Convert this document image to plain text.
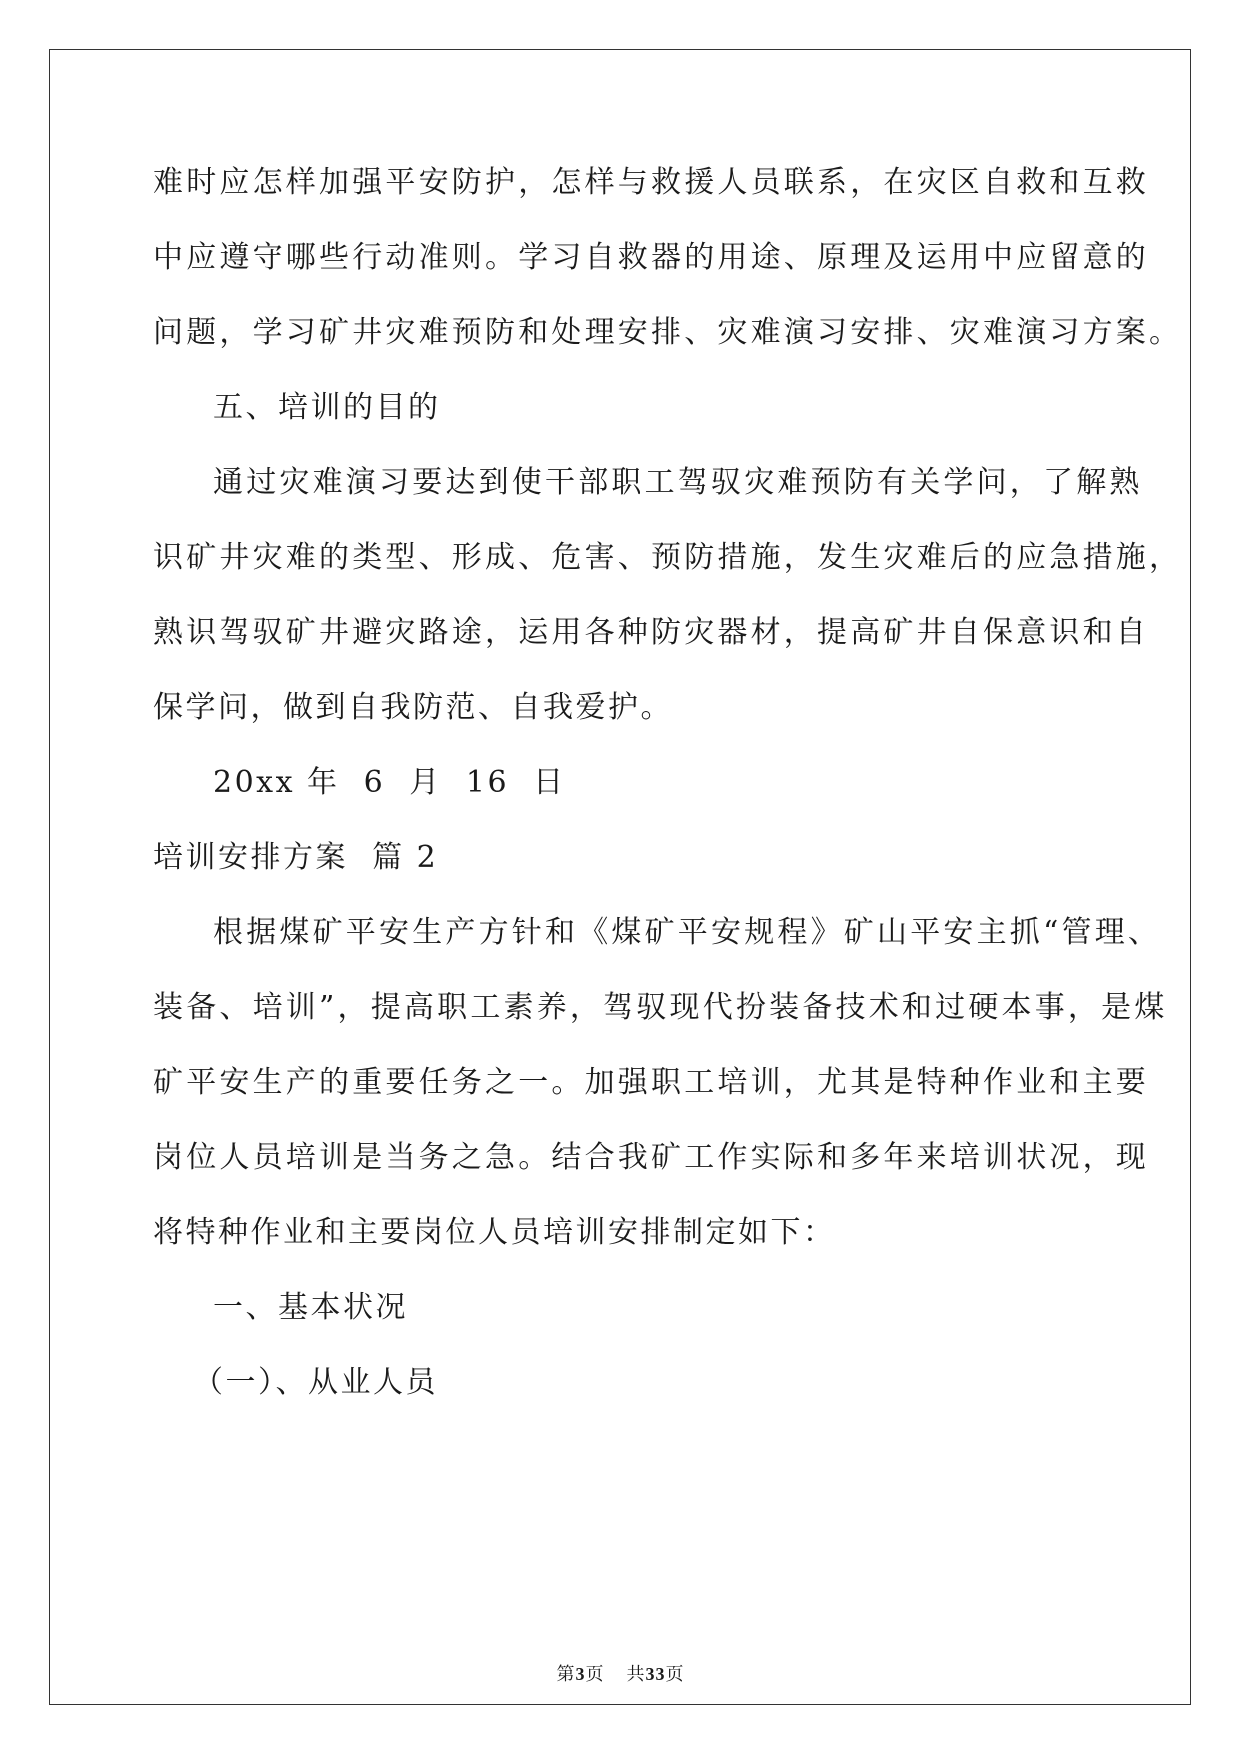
难时应怎样加强平安防护，怎样与救援人员联系，在灾区自救和互救
中应遵守哪些行动准则。学习自救器的用途、原理及运用中应留意的
问题，学习矿井灾难预防和处理安排、灾难演习安排、灾难演习方案。
五、培训的目的
通过灾难演习要达到使干部职工驾驭灾难预防有关学问，了解熟
识矿井灾难的类型、形成、危害、预防措施，发生灾难后的应急措施，
熟识驾驭矿井避灾路途，运用各种防灾器材，提高矿井自保意识和自
保学问，做到自我防范、自我爱护。
20xx 年  6  月  16  日
培训安排方案  篇 2
根据煤矿平安生产方针和《煤矿平安规程》矿山平安主抓“管理、
装备、培训”，提高职工素养，驾驭现代扮装备技术和过硬本事，是煤
矿平安生产的重要任务之一。加强职工培训，尤其是特种作业和主要
岗位人员培训是当务之急。结合我矿工作实际和多年来培训状况，现
将特种作业和主要岗位人员培训安排制定如下：
一、基本状况
（一）、从业人员
第3页 共33页
